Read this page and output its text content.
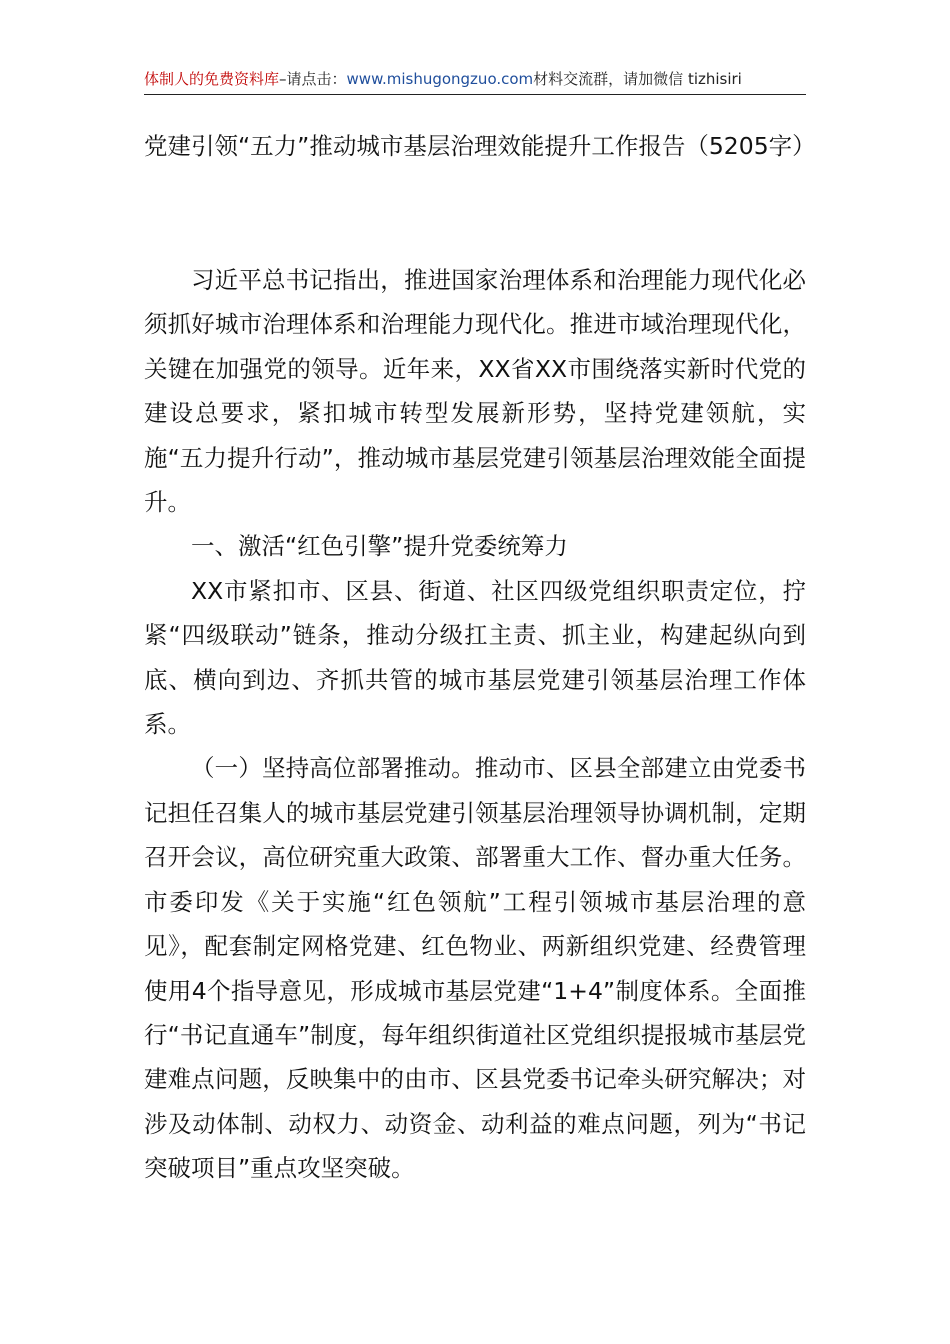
体制人的免费资料库–请点击：www.mishugongzuo.com材料交流群，请加微信 tizhisiri
党建引领“五力”推动城市基层治理效能提升工作报告（5205字）

习近平总书记指出，推进国家治理体系和治理能力现代化必须抓好城市治理体系和治理能力现代化。推进市域治理现代化，关键在加强党的领导。近年来，XX省XX市围绕落实新时代党的建设总要求，紧扣城市转型发展新形势，坚持党建领航，实施“五力提升行动”，推动城市基层党建引领基层治理效能全面提升。

一、激活“红色引擎”提升党委统筹力

XX市紧扣市、区县、街道、社区四级党组织职责定位，拧紧“四级联动”链条，推动分级扛主责、抓主业，构建起纵向到底、横向到边、齐抓共管的城市基层党建引领基层治理工作体系。

（一）坚持高位部署推动。推动市、区县全部建立由党委书记担任召集人的城市基层党建引领基层治理领导协调机制，定期召开会议，高位研究重大政策、部署重大工作、督办重大任务。市委印发《关于实施“红色领航”工程引领城市基层治理的意见》，配套制定网格党建、红色物业、两新组织党建、经费管理使用4个指导意见，形成城市基层党建“1+4”制度体系。全面推行“书记直通车”制度，每年组织街道社区党组织提报城市基层党建难点问题，反映集中的由市、区县党委书记牵头研究解决；对涉及动体制、动权力、动资金、动利益的难点问题，列为“书记突破项目”重点攻坚突破。
